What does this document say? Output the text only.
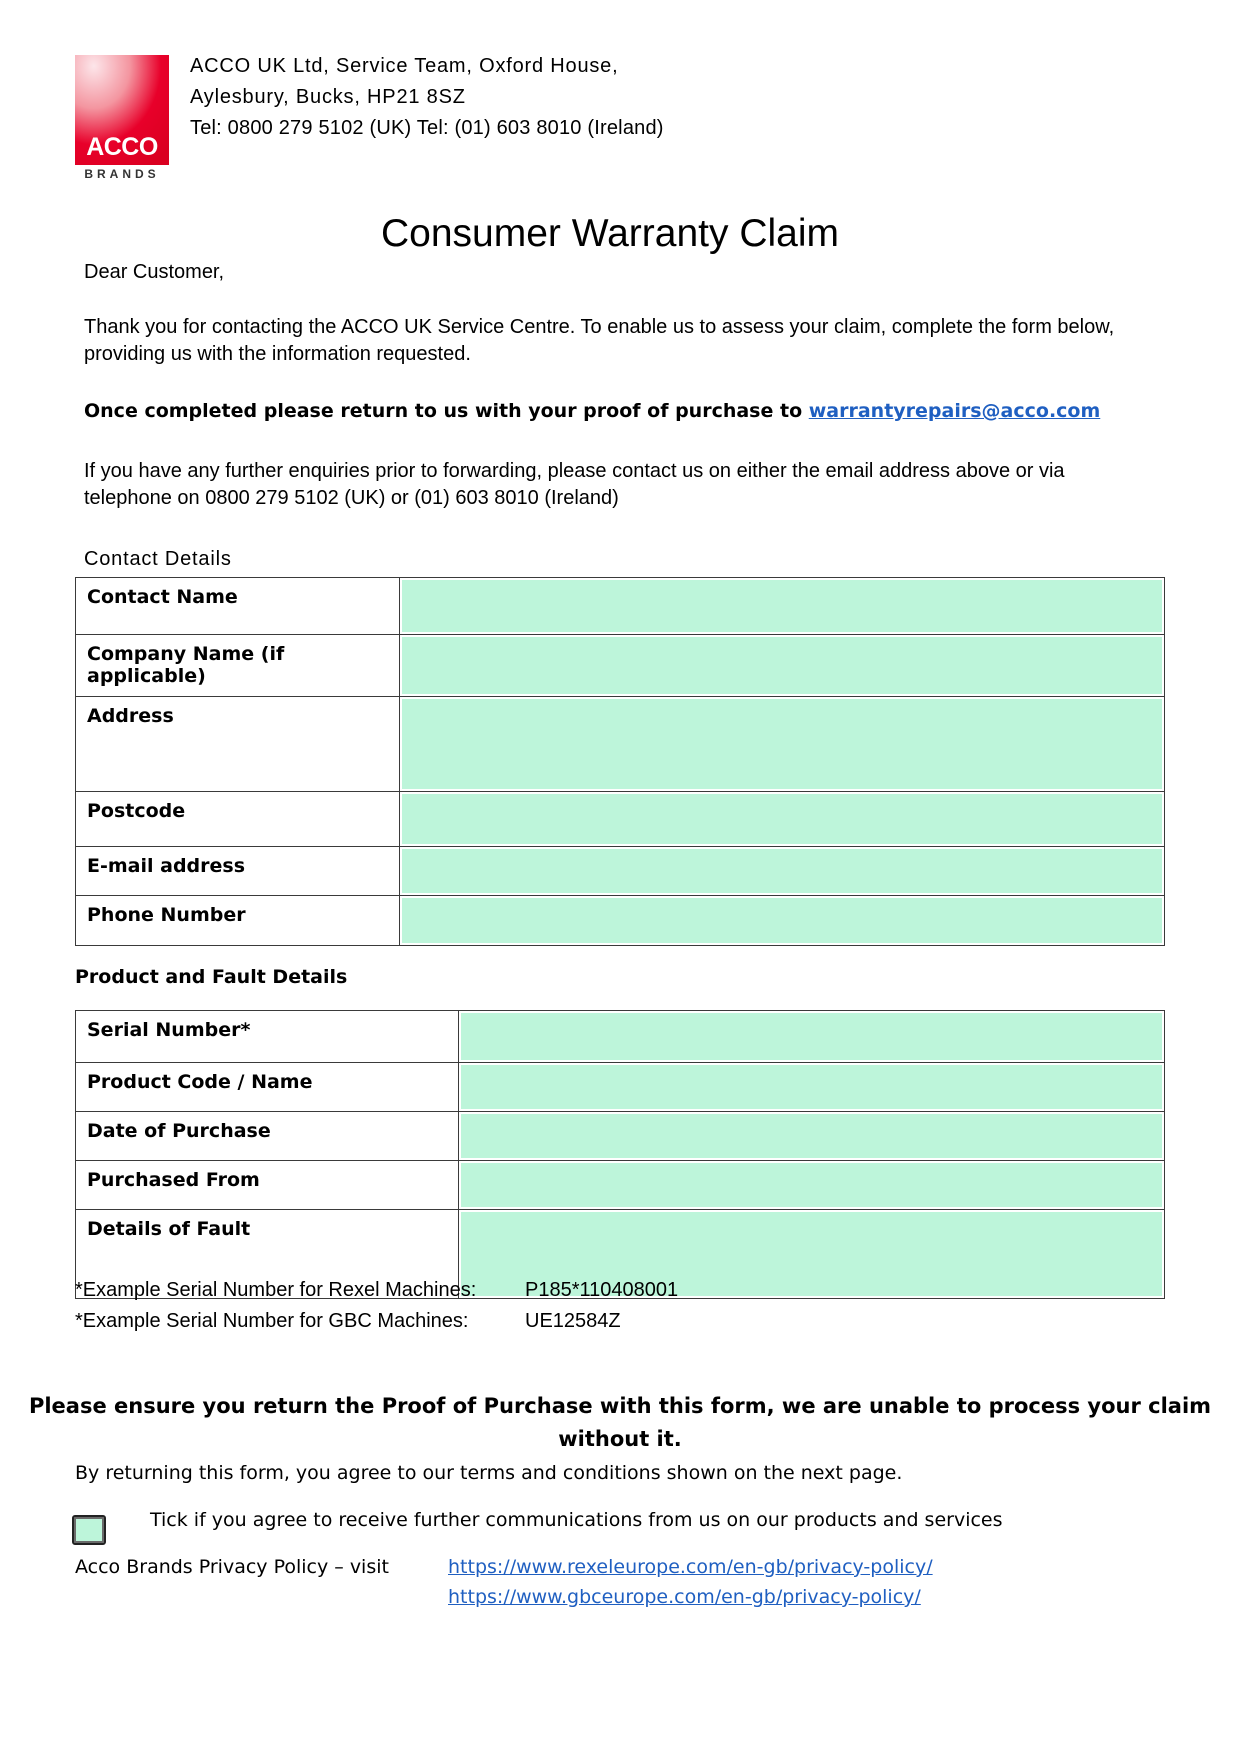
ACCO
BRANDS
ACCO UK Ltd, Service Team, Oxford House,
Aylesbury, Bucks, HP21 8SZ
Tel: 0800 279 5102 (UK) Tel: (01) 603 8010 (Ireland)
Consumer Warranty Claim
Dear Customer,
Thank you for contacting the ACCO UK Service Centre. To enable us to assess your claim, complete the form below,
providing us with the information requested.
Once completed please return to us with your proof of purchase to warrantyrepairs@acco.com
If you have any further enquiries prior to forwarding, please contact us on either the email address above or via
telephone on 0800 279 5102 (UK) or (01) 603 8010 (Ireland)
Contact Details
Contact Name	

Company Name (if applicable)	

Address	

Postcode	

E-mail address	

Phone Number	
Product and Fault Details
Serial Number*	

Product Code / Name	

Date of Purchase	

Purchased From	

Details of Fault	
*Example Serial Number for Rexel Machines: P185*110408001
*Example Serial Number for GBC Machines:	UE12584Z
Please ensure you return the Proof of Purchase with this form, we are unable to process your claim
without it.
By returning this form, you agree to our terms and conditions shown on the next page.
Tick if you agree to receive further communications from us on our products and services
Acco Brands Privacy Policy – visit	https://www.rexeleurope.com/en-gb/privacy-policy/
https://www.gbceurope.com/en-gb/privacy-policy/
